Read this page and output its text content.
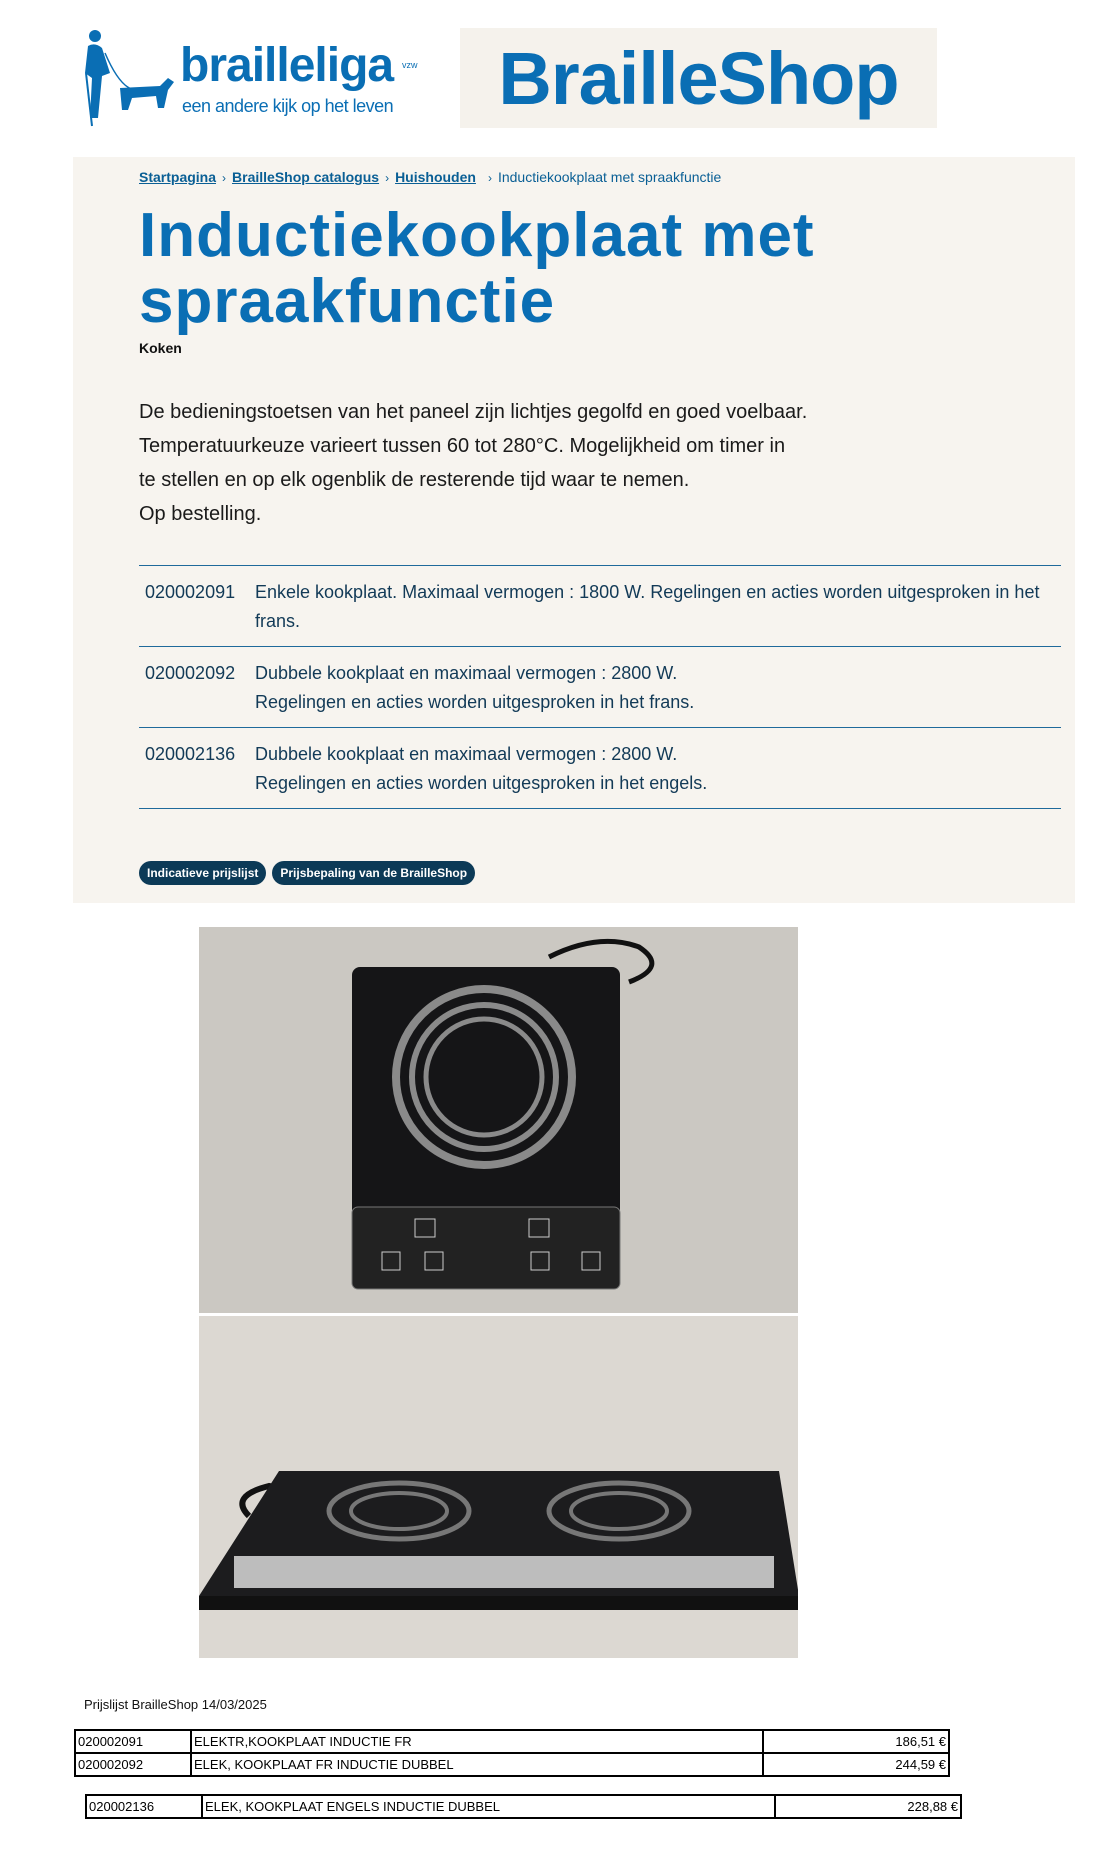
brailleliga vzw
een andere kijk op het leven BrailleShop
Startpagina › BrailleShop catalogus › Huishouden › Inductiekookplaat met spraakfunctie
Inductiekookplaat met spraakfunctie
Koken

De bedieningstoetsen van het paneel zijn lichtjes gegolfd en goed voelbaar.

Temperatuurkeuze varieert tussen 60 tot 280°C. Mogelijkheid om timer in

te stellen en op elk ogenblik de resterende tijd waar te nemen.

Op bestelling.

020002091	Enkele kookplaat. Maximaal vermogen : 1800 W. Regelingen en acties worden uitgesproken in het frans.
020002092	Dubbele kookplaat en maximaal vermogen : 2800 W.
Regelingen en acties worden uitgesproken in het frans.
020002136	Dubbele kookplaat en maximaal vermogen : 2800 W.
Regelingen en acties worden uitgesproken in het engels.
Indicatieve prijslijst	Prijsbepaling van de BrailleShop
Prijslijst BrailleShop 14/03/2025
020002091	ELEKTR,KOOKPLAAT INDUCTIE FR	186,51 €
020002092	ELEK, KOOKPLAAT FR INDUCTIE DUBBEL	244,59 €
020002136	ELEK, KOOKPLAAT ENGELS INDUCTIE DUBBEL	228,88 €
